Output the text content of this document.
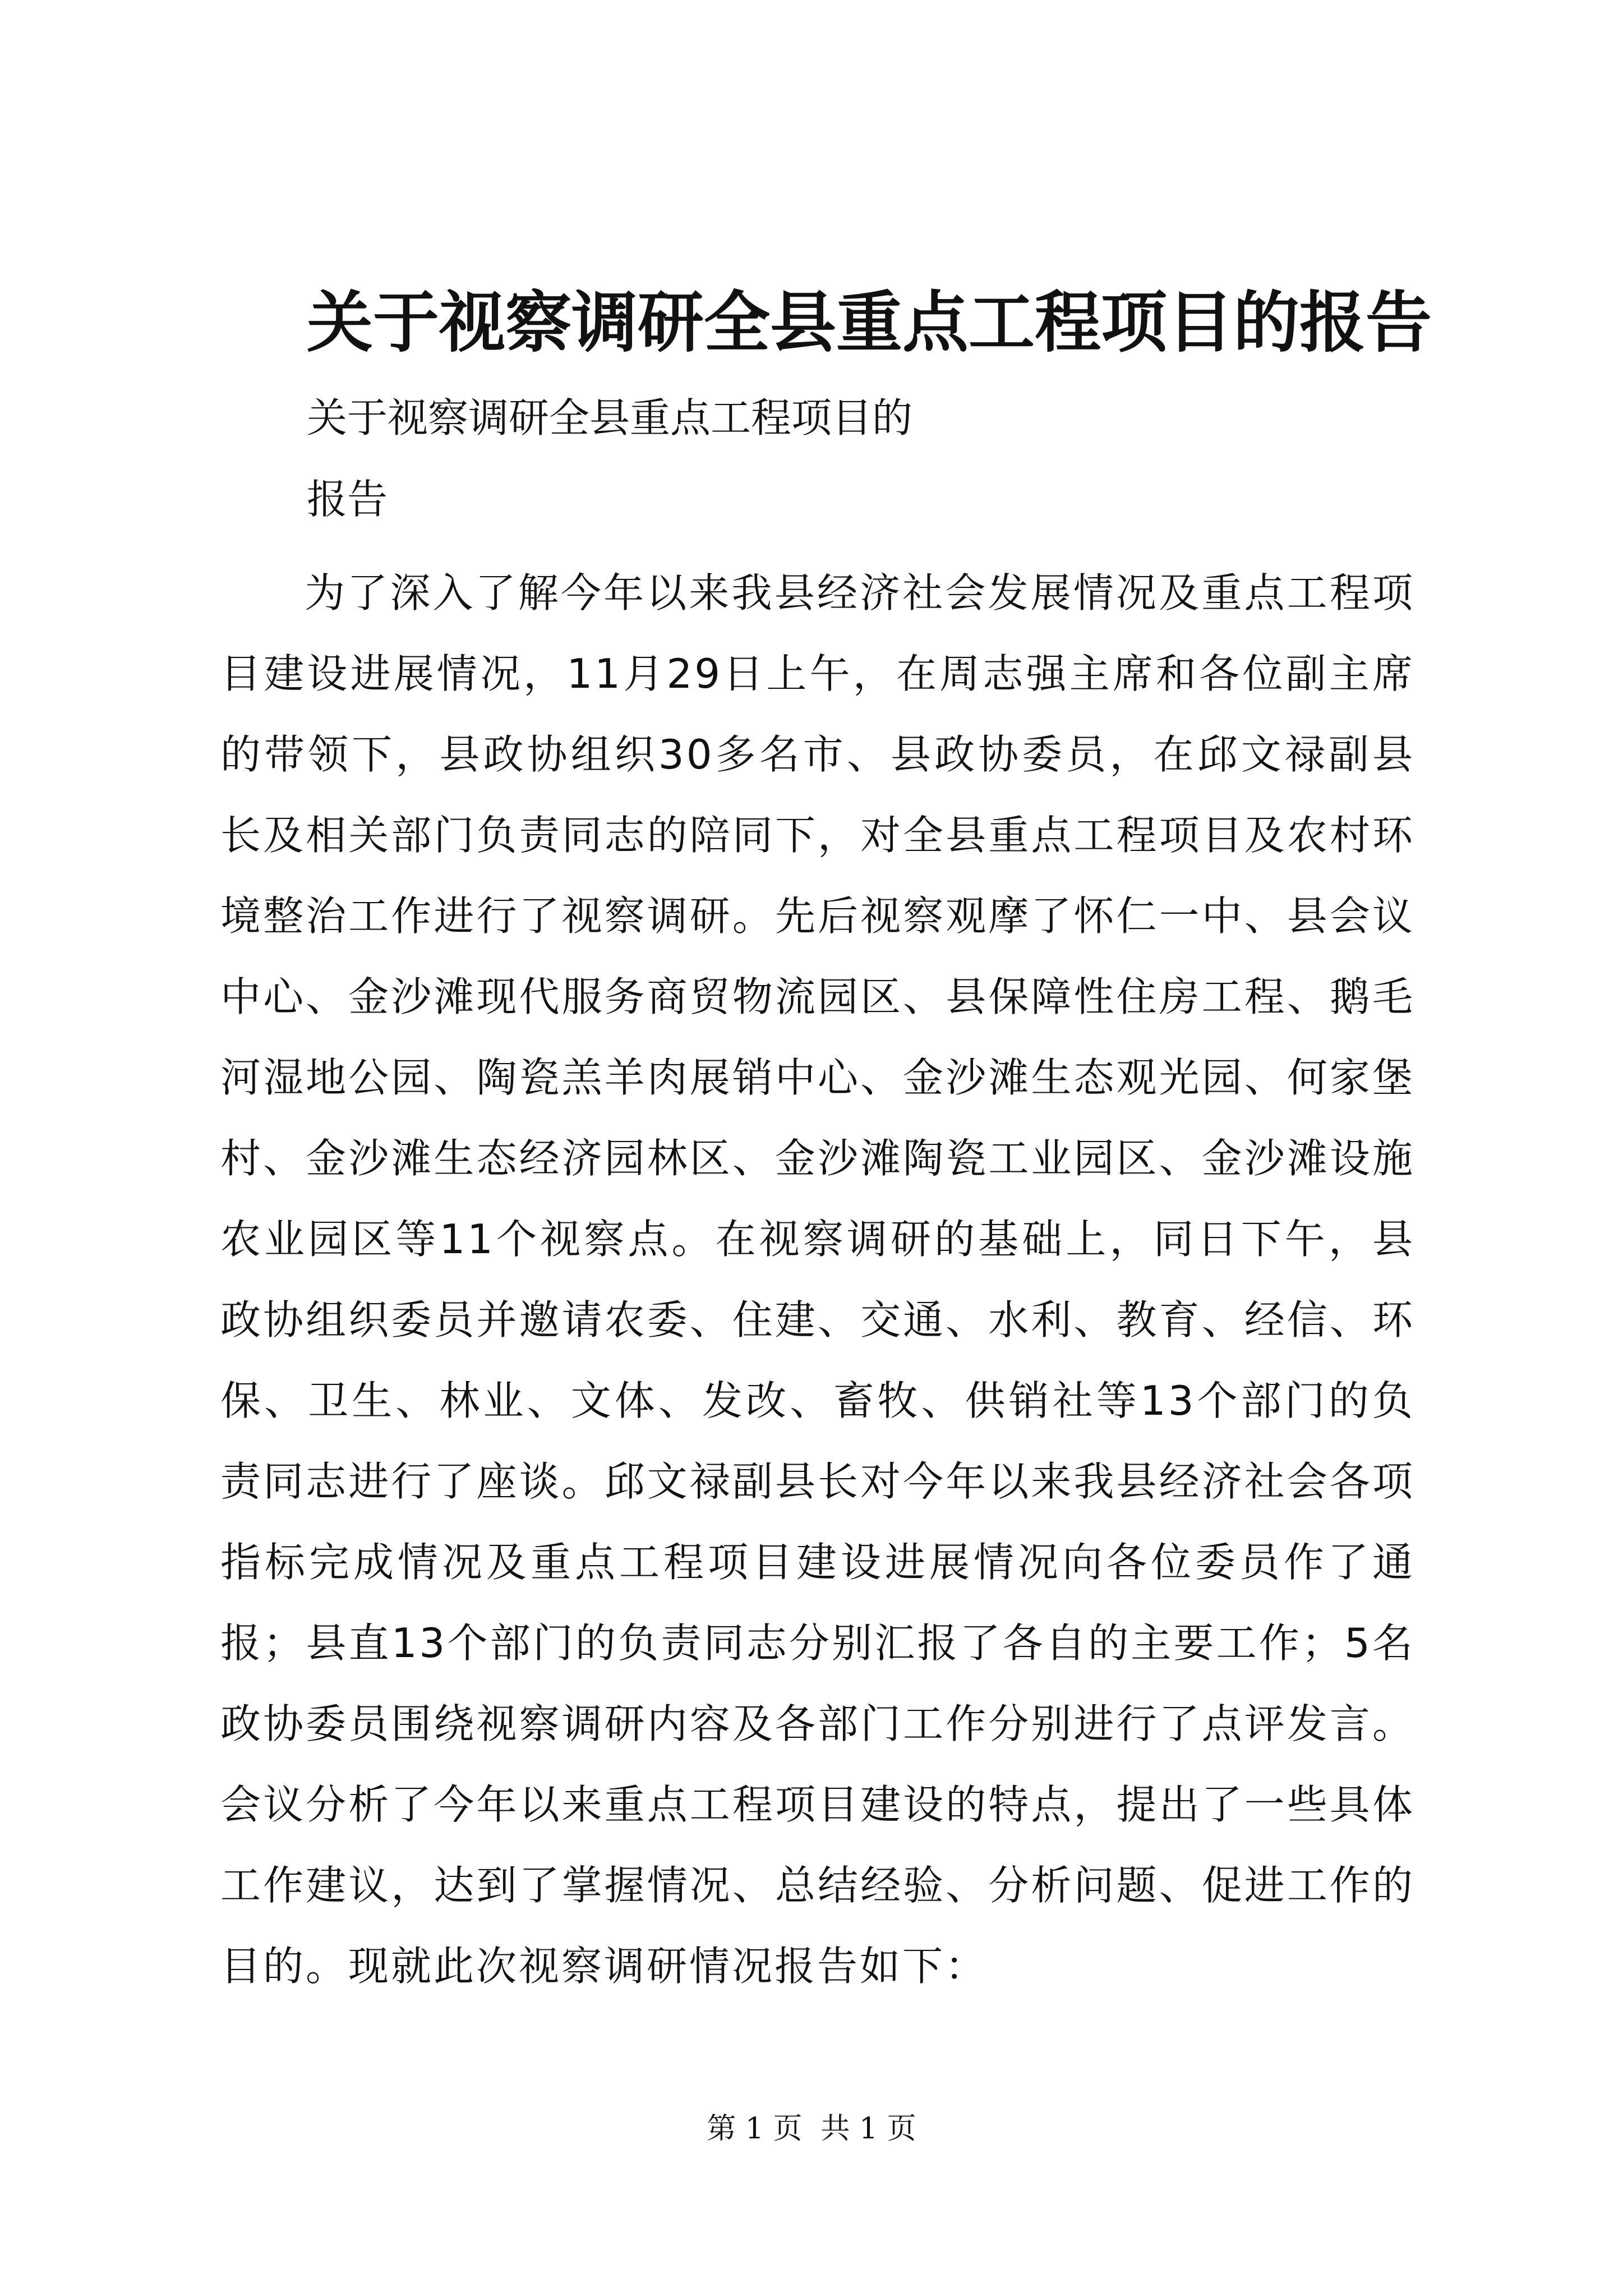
关于视察调研全县重点工程项目的报告
关于视察调研全县重点工程项目的
报告

为了深入了解今年以来我县经济社会发展情况及重点工程项目建设进展情况，11月29日上午，在周志强主席和各位副主席的带领下，县政协组织30多名市、县政协委员，在邱文禄副县长及相关部门负责同志的陪同下，对全县重点工程项目及农村环境整治工作进行了视察调研。先后视察观摩了怀仁一中、县会议中心、金沙滩现代服务商贸物流园区、县保障性住房工程、鹅毛河湿地公园、陶瓷羔羊肉展销中心、金沙滩生态观光园、何家堡村、金沙滩生态经济园林区、金沙滩陶瓷工业园区、金沙滩设施农业园区等11个视察点。在视察调研的基础上，同日下午，县政协组织委员并邀请农委、住建、交通、水利、教育、经信、环保、卫生、林业、文体、发改、畜牧、供销社等13个部门的负责同志进行了座谈。邱文禄副县长对今年以来我县经济社会各项指标完成情况及重点工程项目建设进展情况向各位委员作了通报；县直13个部门的负责同志分别汇报了各自的主要工作；5名政协委员围绕视察调研内容及各部门工作分别进行了点评发言。会议分析了今年以来重点工程项目建设的特点，提出了一些具体工作建议，达到了掌握情况、总结经验、分析问题、促进工作的目的。现就此次视察调研情况报告如下：

第 1 页  共 1 页
